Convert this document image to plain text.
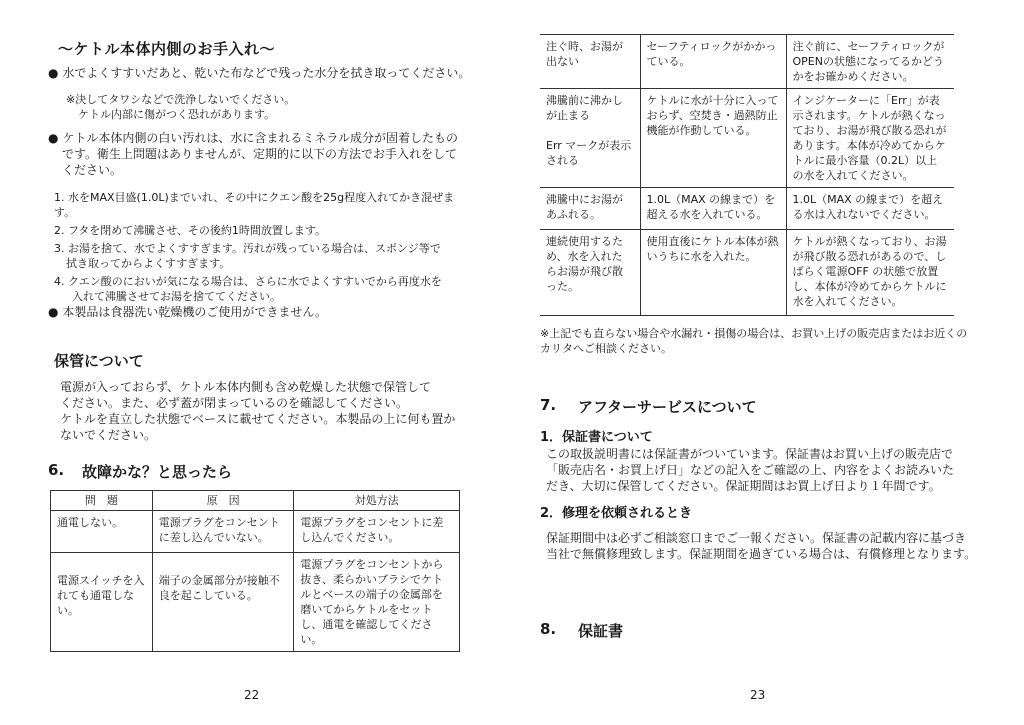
〜ケトル本体内側のお手入れ〜
● 水でよくすすいだあと、乾いた布などで残った水分を拭き取ってください。
※決してタワシなどで洗浄しないでください。
ケトル内部に傷がつく恐れがあります。
● ケトル本体内側の白い汚れは、水に含まれるミネラル成分が固着したもの
です。衛生上問題はありませんが、定期的に以下の方法でお手入れをして
ください。
1. 水をMAX目盛(1.0L)までいれ、その中にクエン酸を25g程度入れてかき混ぜます。
2. フタを閉めて沸騰させ、その後約1時間放置します。
3. お湯を捨て、水でよくすすぎます。汚れが残っている場合は、スポンジ等で
拭き取ってからよくすすぎます。
4. クエン酸のにおいが気になる場合は、さらに水でよくすすいでから再度水を
入れて沸騰させてお湯を捨ててください。
● 本製品は食器洗い乾燥機のご使用ができません。
保管について
電源が入っておらず、ケトル本体内側も含め乾燥した状態で保管して
ください。また、必ず蓋が閉まっているのを確認してください。
ケトルを直立した状態でベースに載せてください。本製品の上に何も置か
ないでください。
6. 故障かな？と思ったら
問　題	原　因	対処方法
通電しない。	電源プラグをコンセントに差し込んでいない。	電源プラグをコンセントに差し込んでください。
電源スイッチを入れても通電しない。	端子の金属部分が接触不良を起こしている。	電源プラグをコンセントから抜き、柔らかいブラシでケトルとベースの端子の金属部を磨いてからケトルをセットし、通電を確認してください。
22
注ぐ時、お湯が出ない	セーフティロックがかかっている。	注ぐ前に、セーフティロックがOPENの状態になってるかどうかをお確かめください。
沸騰前に沸かしが止まる

Err マークが表示される	ケトルに水が十分に入っておらず、空焚き・過熱防止機能が作動している。	インジケーターに「Err」が表示されます。ケトルが熱くなっており、お湯が飛び散る恐れがあります。本体が冷めてからケトルに最小容量（0.2L）以上の水を入れてください。
沸騰中にお湯があふれる。	1.0L（MAX の線まで）を超える水を入れている。	1.0L（MAX の線まで）を超える水は入れないでください。
連続使用するため、水を入れたらお湯が飛び散った。	使用直後にケトル本体が熱いうちに水を入れた。	ケトルが熱くなっており、お湯が飛び散る恐れがあるので、しばらく電源OFF の状態で放置し、本体が冷めてからケトルに水を入れてください。
※上記でも直らない場合や水漏れ・損傷の場合は、お買い上げの販売店またはお近くの
カリタへご相談ください。
7. アフターサービスについて
1．保証書について
この取扱説明書には保証書がついています。保証書はお買い上げの販売店で
「販売店名・お買上げ日」などの記入をご確認の上、内容をよくお読みいた
だき、大切に保管してください。保証期間はお買上げ日より１年間です。
2．修理を依頼されるとき
保証期間中は必ずご相談窓口までご一報ください。保証書の記載内容に基づき
当社で無償修理致します。保証期間を過ぎている場合は、有償修理となります。
8. 保証書
23
